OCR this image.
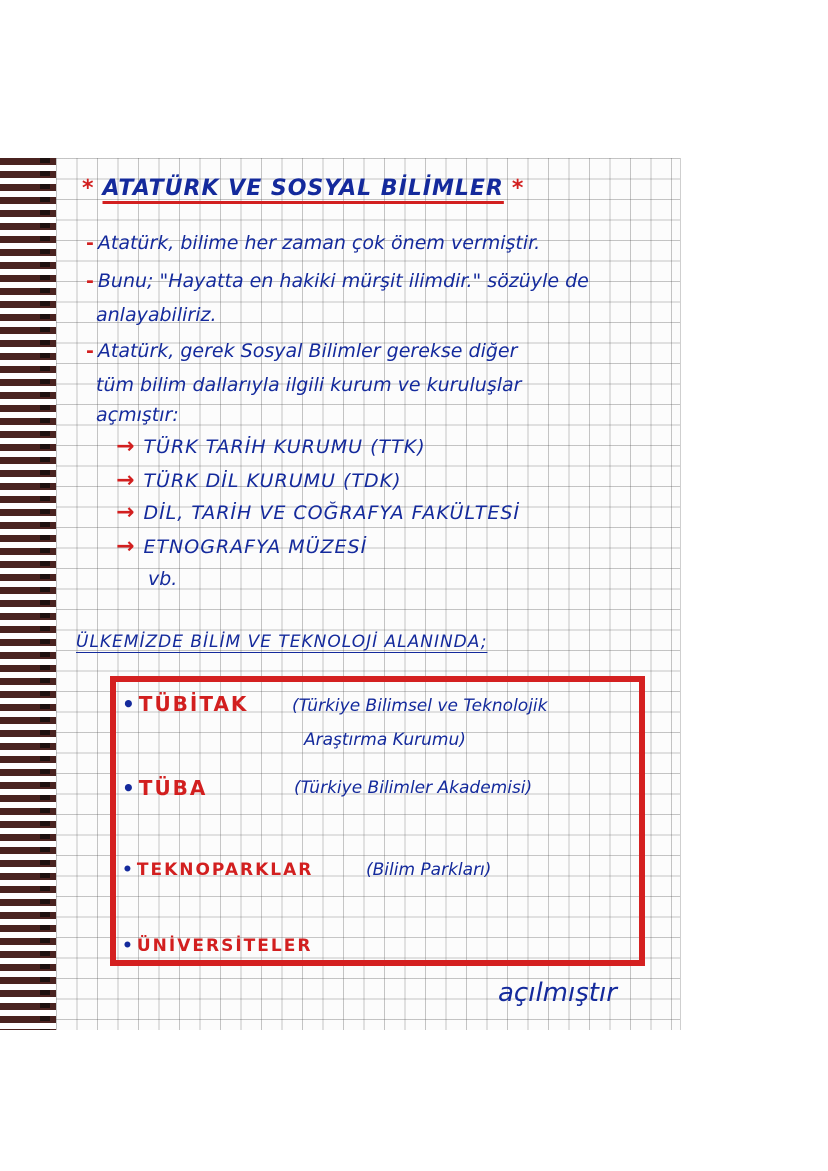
* ATATÜRK VE SOSYAL BİLİMLER *
- Atatürk, bilime her zaman çok önem vermiştir.
- Bunu; "Hayatta en hakiki mürşit ilimdir." sözüyle de
anlayabiliriz.
- Atatürk, gerek Sosyal Bilimler gerekse diğer
tüm bilim dallarıyla ilgili kurum ve kuruluşlar
açmıştır:
→ TÜRK TARİH KURUMU (TTK)
→ TÜRK DİL KURUMU (TDK)
→ DİL, TARİH VE COĞRAFYA FAKÜLTESİ
→ ETNOGRAFYA MÜZESİ
vb.
ÜLKEMİZDE BİLİM VE TEKNOLOJİ ALANINDA;
• TÜBİTAK	(Türkiye Bilimsel ve Teknolojik
Araştırma Kurumu)
• TÜBA	(Türkiye Bilimler Akademisi)
• TEKNOPARKLAR	(Bilim Parkları)
• ÜNİVERSİTELER
açılmıştır
